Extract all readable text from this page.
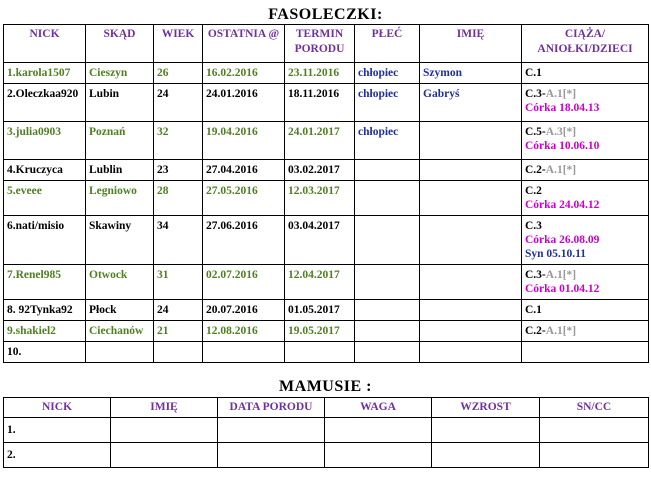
FASOLECZKI:
NICK	SKĄD	WIEK	OSTATNIA @	TERMIN PORODU	PŁEĆ	IMIĘ	CIĄŻA/ ANIOŁKI/DZIECI
1.karola1507	Cieszyn	26	16.02.2016	23.11.2016	chłopiec	Szymon	C.1

2.Oleczkaa920	Lubin	24	24.01.2016	18.11.2016	chłopiec	Gabryś	C.3-A.1[*]
Córka 18.04.13

3.julia0903	Poznań	32	19.04.2016	24.01.2017	chłopiec		C.5-A.3[*]
Córka 10.06.10

4.Kruczyca	Lublin	23	27.04.2016	03.02.2017			C.2-A.1[*]

5.eveee	Legniowo	28	27.05.2016	12.03.2017			C.2
Córka 24.04.12

6.nati/misio	Skawiny	34	27.06.2016	03.04.2017			C.3
Córka 26.08.09
Syn 05.10.11

7.Renel985	Otwock	31	02.07.2016	12.04.2017			C.3-A.1[*]
Córka 01.04.12

8. 92Tynka92	Płock	24	20.07.2016	01.05.2017			C.1

9.shakiel2	Ciechanów	21	12.08.2016	19.05.2017			C.2-A.1[*]

10.							
MAMUSIE :
NICK	IMIĘ	DATA PORODU	WAGA	WZROST	SN/CC
1.					
2.					
